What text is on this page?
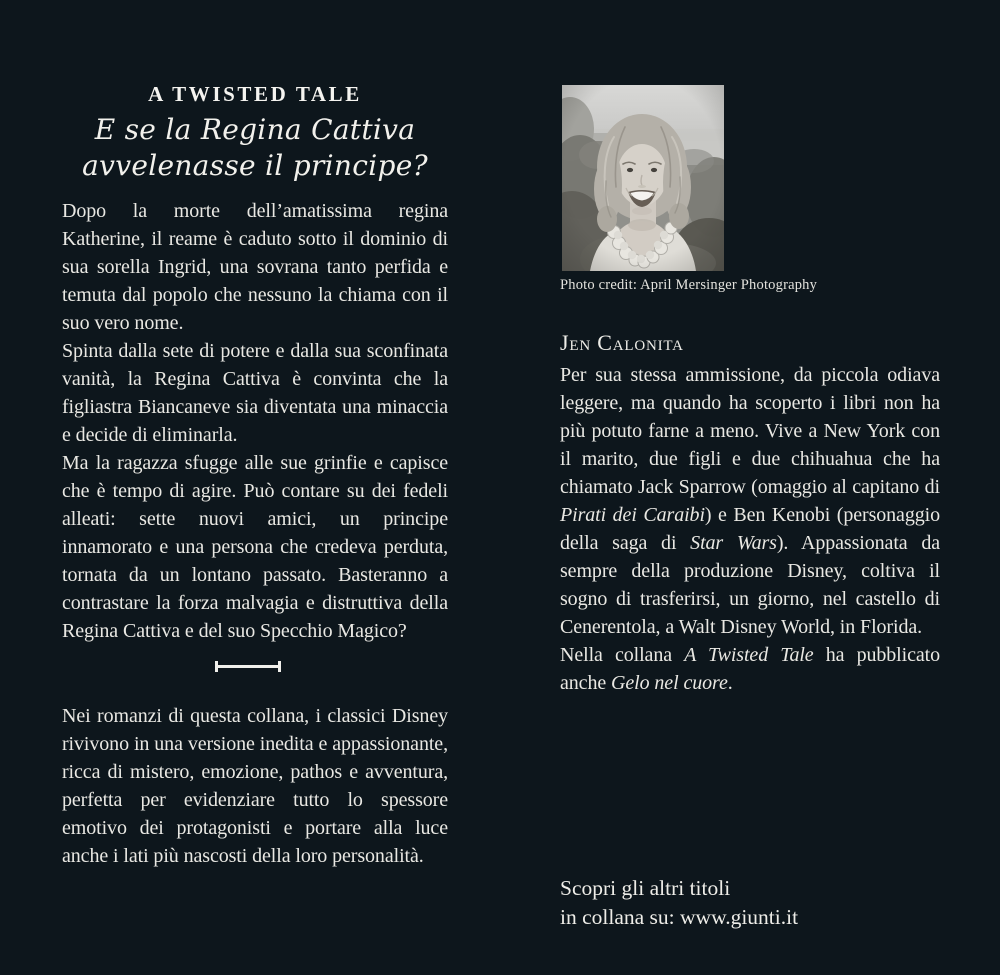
A TWISTED TALE
E se la Regina Cattiva
avvelenasse il principe?

Dopo la morte dell’amatissima regina Katherine, il reame è caduto sotto il dominio di sua sorella Ingrid, una sovrana tanto perfida e temuta dal popolo che nessuno la chiama con il suo vero nome.

Spinta dalla sete di potere e dalla sua sconfinata vanità, la Regina Cattiva è convinta che la figliastra Biancaneve sia diventata una minaccia e decide di eliminarla.

Ma la ragazza sfugge alle sue grinfie e capisce che è tempo di agire. Può contare su dei fedeli alleati: sette nuovi amici, un principe innamorato e una persona che credeva perduta, tornata da un lontano passato. Basteranno a contrastare la forza malvagia e distruttiva della Regina Cattiva e del suo Specchio Magico?

Nei romanzi di questa collana, i classici Disney rivivono in una versione inedita e appassionante, ricca di mistero, emozione, pathos e avventura, perfetta per evidenziare tutto lo spessore emotivo dei protagonisti e portare alla luce anche i lati più nascosti della loro personalità.

Photo credit: April Mersinger Photography
Jen Calonita

Per sua stessa ammissione, da piccola odiava leggere, ma quando ha scoperto i libri non ha più potuto farne a meno. Vive a New York con il marito, due figli e due chihuahua che ha chiamato Jack Sparrow (omaggio al capitano di Pirati dei Caraibi) e Ben Kenobi (personaggio della saga di Star Wars). Appassionata da sempre della produzione Disney, coltiva il sogno di trasferirsi, un giorno, nel castello di Cenerentola, a Walt Disney World, in Florida.

Nella collana A Twisted Tale ha pubblicato anche Gelo nel cuore.

Scopri gli altri titoli
in collana su: www.giunti.it
